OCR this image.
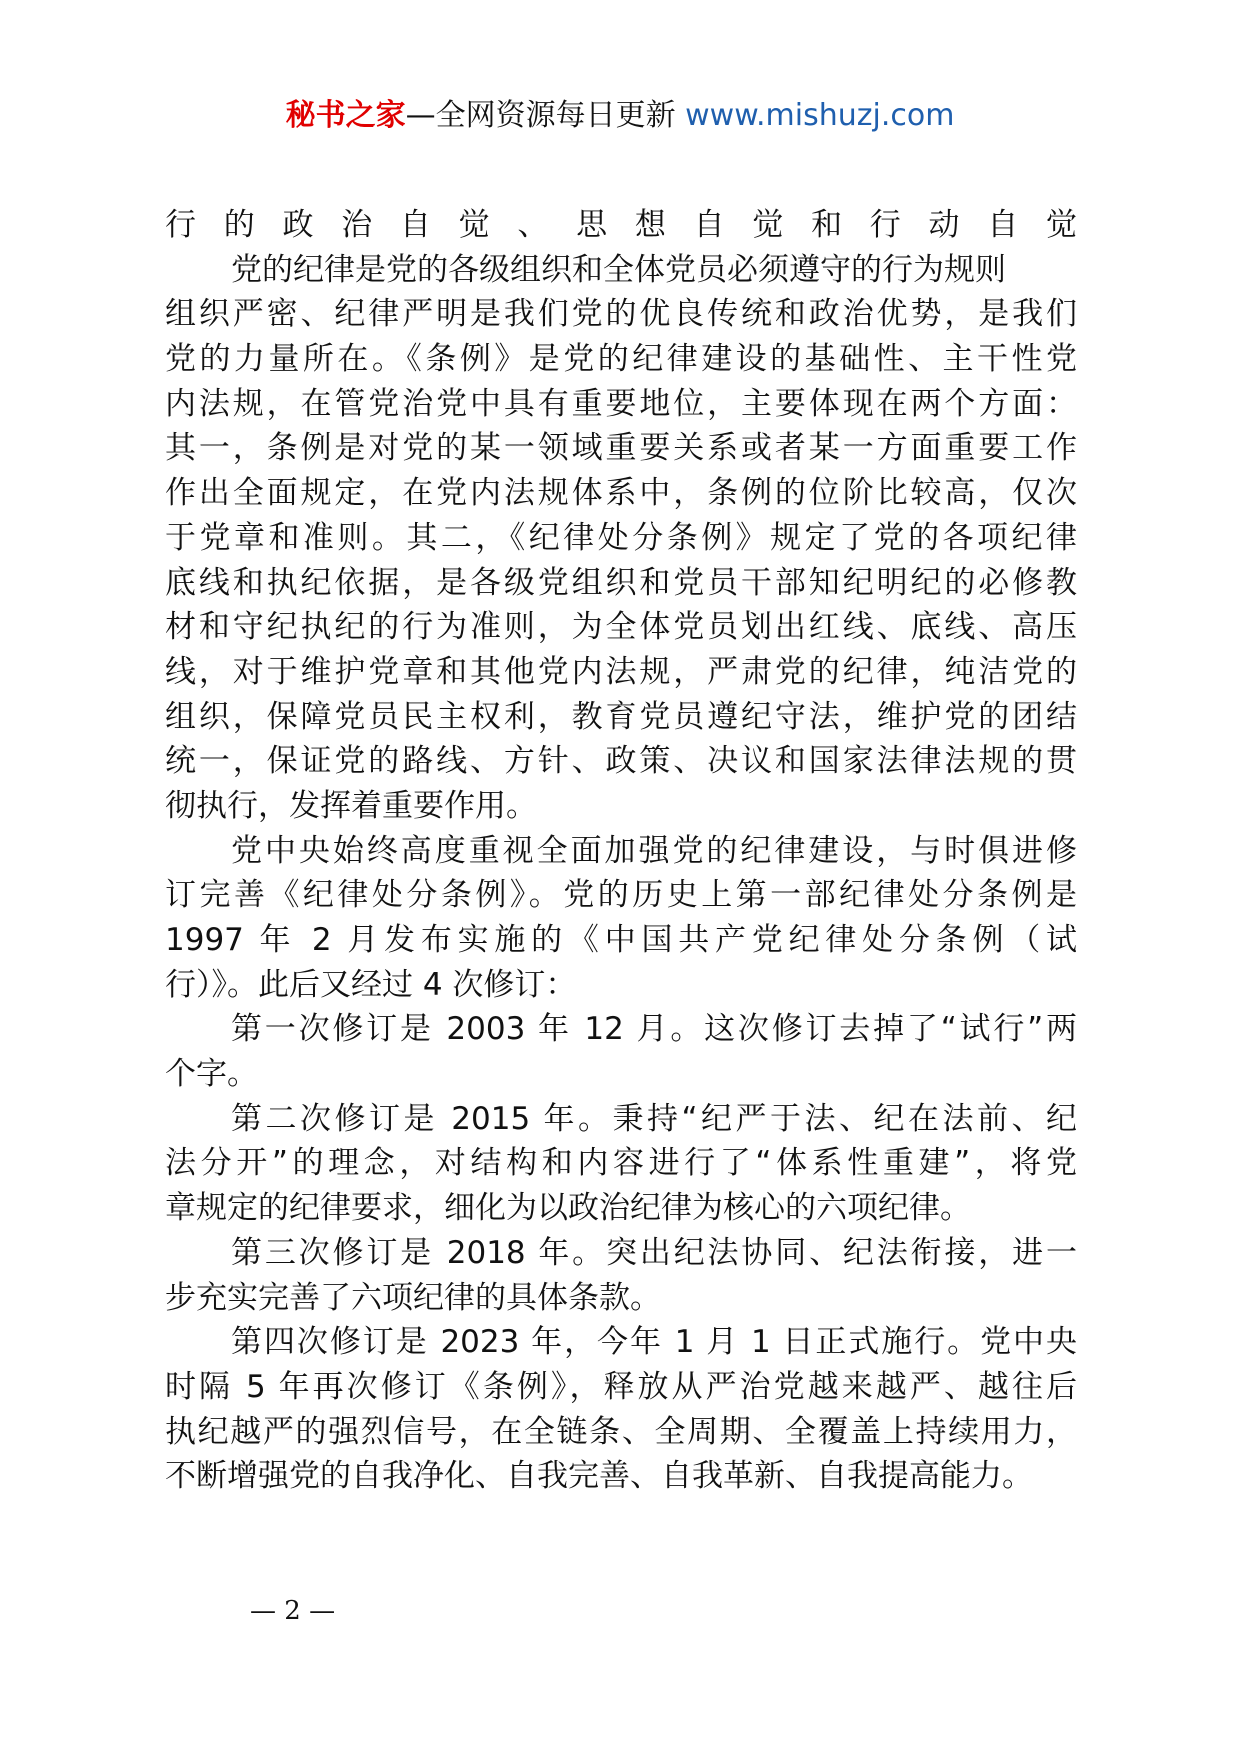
秘书之家—全网资源每日更新 www.mishuzj.com
行的政治自觉、思想自觉和行动自觉
党的纪律是党的各级组织和全体党员必须遵守的行为规则
组织严密、纪律严明是我们党的优良传统和政治优势，是我们
党的力量所在。《条例》是党的纪律建设的基础性、主干性党
内法规，在管党治党中具有重要地位，主要体现在两个方面：
其一，条例是对党的某一领域重要关系或者某一方面重要工作
作出全面规定，在党内法规体系中，条例的位阶比较高，仅次
于党章和准则。其二，《纪律处分条例》规定了党的各项纪律
底线和执纪依据，是各级党组织和党员干部知纪明纪的必修教
材和守纪执纪的行为准则，为全体党员划出红线、底线、高压
线，对于维护党章和其他党内法规，严肃党的纪律，纯洁党的
组织，保障党员民主权利，教育党员遵纪守法，维护党的团结
统一，保证党的路线、方针、政策、决议和国家法律法规的贯
彻执行，发挥着重要作用。
党中央始终高度重视全面加强党的纪律建设，与时俱进修
订完善《纪律处分条例》。党的历史上第一部纪律处分条例是
1997 年 2 月发布实施的《中国共产党纪律处分条例（试
行）》。此后又经过 4 次修订：
第一次修订是 2003 年 12 月。这次修订去掉了“试行”两
个字。
第二次修订是 2015 年。秉持“纪严于法、纪在法前、纪
法分开”的理念，对结构和内容进行了“体系性重建”，将党
章规定的纪律要求，细化为以政治纪律为核心的六项纪律。
第三次修订是 2018 年。突出纪法协同、纪法衔接，进一
步充实完善了六项纪律的具体条款。
第四次修订是 2023 年，今年 1 月 1 日正式施行。党中央
时隔 5 年再次修订《条例》，释放从严治党越来越严、越往后
执纪越严的强烈信号，在全链条、全周期、全覆盖上持续用力，
不断增强党的自我净化、自我完善、自我革新、自我提高能力。
— 2 —
